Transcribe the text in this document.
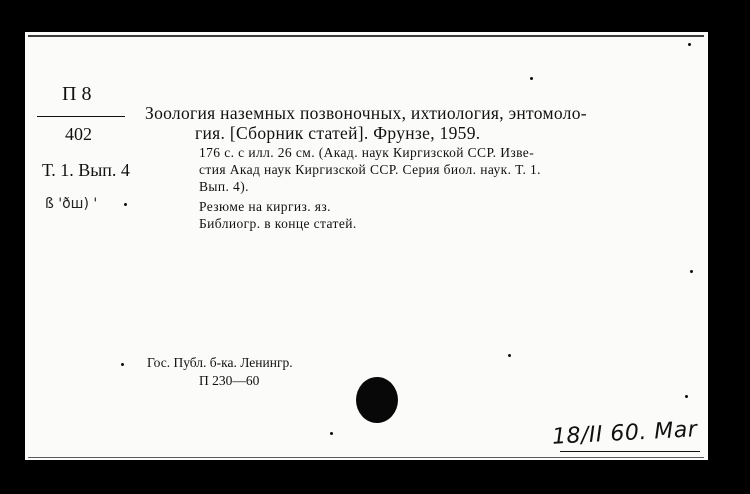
П 8
402
Т. 1. Вып. 4
ß 'ðш) '
Зоология наземных позвоночных, ихтиология, энтомоло-
гия. [Сборник статей]. Фрунзе, 1959.
176 с. с илл. 26 см. (Акад. наук Киргизской ССР. Изве-
стия Акад наук Киргизской ССР. Серия биол. наук. Т. 1.
Вып. 4).
Резюме на киргиз. яз.
Библиогр. в конце статей.
Гос. Публ. б-ка. Ленингр.
П 230—60
18/II 60. Mar
